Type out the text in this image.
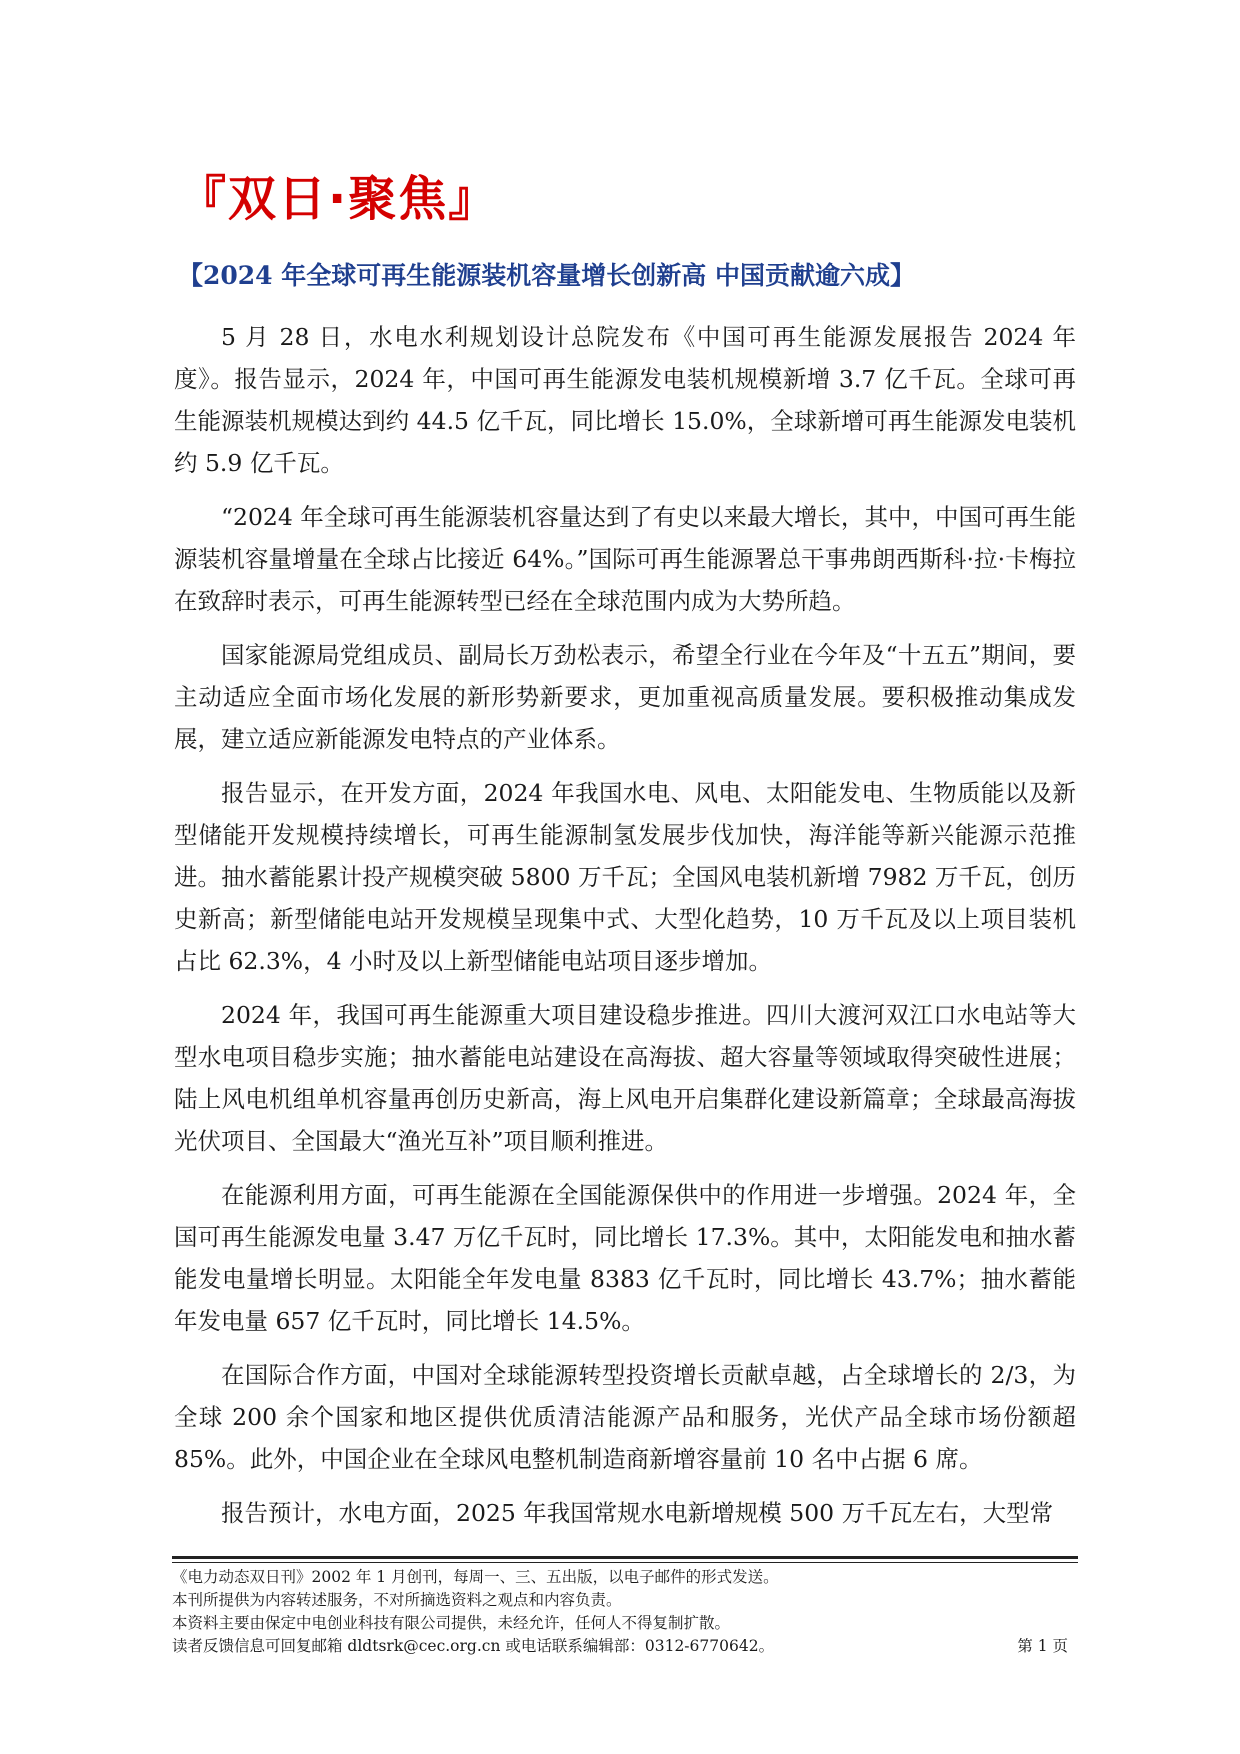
『双日·聚焦』
【2024 年全球可再生能源装机容量增长创新高 中国贡献逾六成】

5 月 28 日，水电水利规划设计总院发布《中国可再生能源发展报告 2024 年度》。报告显示，2024 年，中国可再生能源发电装机规模新增 3.7 亿千瓦。全球可再生能源装机规模达到约 44.5 亿千瓦，同比增长 15.0%，全球新增可再生能源发电装机约 5.9 亿千瓦。

“2024 年全球可再生能源装机容量达到了有史以来最大增长，其中，中国可再生能源装机容量增量在全球占比接近 64%。”国际可再生能源署总干事弗朗西斯科·拉·卡梅拉在致辞时表示，可再生能源转型已经在全球范围内成为大势所趋。

国家能源局党组成员、副局长万劲松表示，希望全行业在今年及“十五五”期间，要主动适应全面市场化发展的新形势新要求，更加重视高质量发展。要积极推动集成发展，建立适应新能源发电特点的产业体系。

报告显示，在开发方面，2024 年我国水电、风电、太阳能发电、生物质能以及新型储能开发规模持续增长，可再生能源制氢发展步伐加快，海洋能等新兴能源示范推进。抽水蓄能累计投产规模突破 5800 万千瓦；全国风电装机新增 7982 万千瓦，创历史新高；新型储能电站开发规模呈现集中式、大型化趋势，10 万千瓦及以上项目装机占比 62.3%，4 小时及以上新型储能电站项目逐步增加。

2024 年，我国可再生能源重大项目建设稳步推进。四川大渡河双江口水电站等大型水电项目稳步实施；抽水蓄能电站建设在高海拔、超大容量等领域取得突破性进展；陆上风电机组单机容量再创历史新高，海上风电开启集群化建设新篇章；全球最高海拔光伏项目、全国最大“渔光互补”项目顺利推进。

在能源利用方面，可再生能源在全国能源保供中的作用进一步增强。2024 年，全国可再生能源发电量 3.47 万亿千瓦时，同比增长 17.3%。其中，太阳能发电和抽水蓄能发电量增长明显。太阳能全年发电量 8383 亿千瓦时，同比增长 43.7%；抽水蓄能年发电量 657 亿千瓦时，同比增长 14.5%。

在国际合作方面，中国对全球能源转型投资增长贡献卓越，占全球增长的 2/3，为全球 200 余个国家和地区提供优质清洁能源产品和服务，光伏产品全球市场份额超 85%。此外，中国企业在全球风电整机制造商新增容量前 10 名中占据 6 席。

报告预计，水电方面，2025 年我国常规水电新增规模 500 万千瓦左右，大型常

《电力动态双日刊》2002 年 1 月创刊，每周一、三、五出版，以电子邮件的形式发送。
本刊所提供为内容转述服务，不对所摘选资料之观点和内容负责。
本资料主要由保定中电创业科技有限公司提供，未经允许，任何人不得复制扩散。
读者反馈信息可回复邮箱 dldtsrk@cec.org.cn 或电话联系编辑部：0312-6770642。	第 1 页
